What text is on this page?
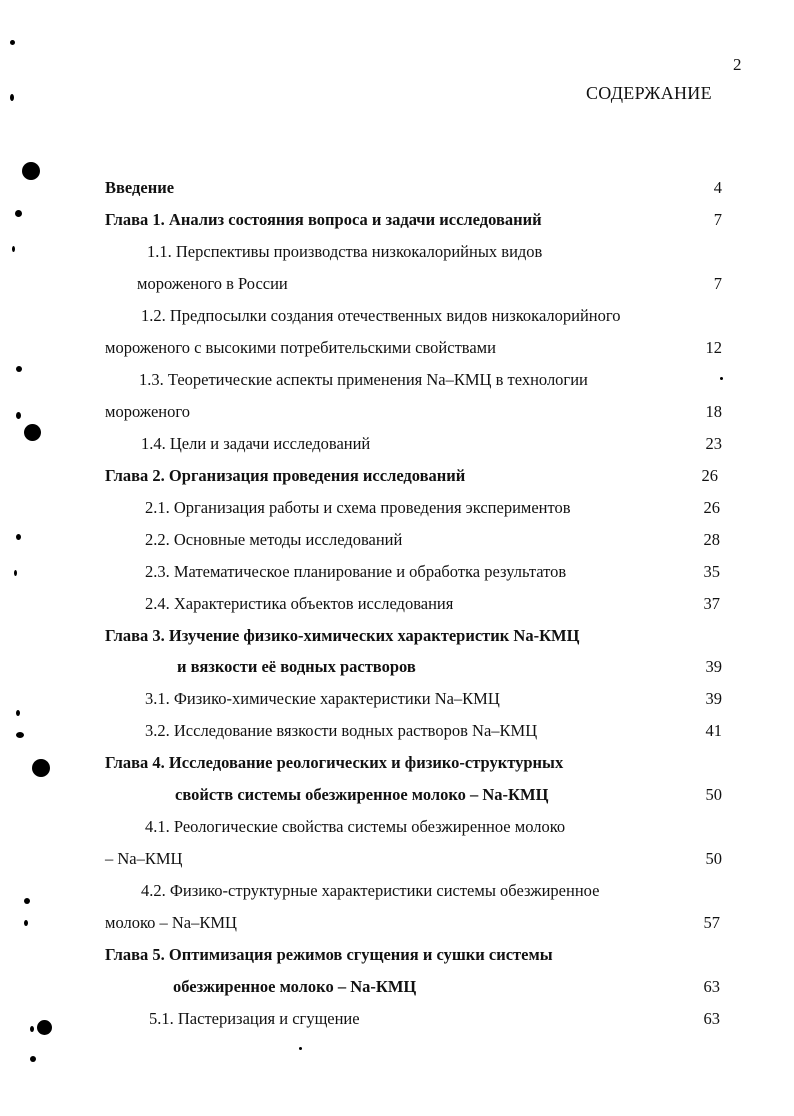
2
СОДЕРЖАНИЕ
Введение	4
Глава 1. Анализ состояния вопроса и задачи исследований	7
1.1. Перспективы производства низкокалорийных видов
мороженого в России	7
1.2. Предпосылки создания отечественных видов низкокалорийного
мороженого с высокими потребительскими свойствами	12
1.3. Теоретические аспекты применения Na–КМЦ в технологии
мороженого	18
1.4. Цели и задачи исследований	23
Глава 2. Организация проведения исследований	26
2.1. Организация работы и схема проведения экспериментов	26
2.2. Основные методы исследований	28
2.3. Математическое планирование и обработка результатов	35
2.4. Характеристика объектов исследования	37
Глава 3. Изучение физико-химических характеристик Na-КМЦ
и вязкости её водных растворов	39
3.1. Физико-химические характеристики Na–КМЦ	39
3.2. Исследование вязкости водных растворов Na–КМЦ	41
Глава 4. Исследование реологических и физико-структурных
свойств системы обезжиренное молоко – Na-КМЦ	50
4.1. Реологические свойства системы обезжиренное молоко
– Na–КМЦ	50
4.2. Физико-структурные характеристики системы обезжиренное
молоко – Na–КМЦ	57
Глава 5. Оптимизация режимов сгущения и сушки системы
обезжиренное молоко – Na-КМЦ	63
5.1. Пастеризация и сгущение	63
